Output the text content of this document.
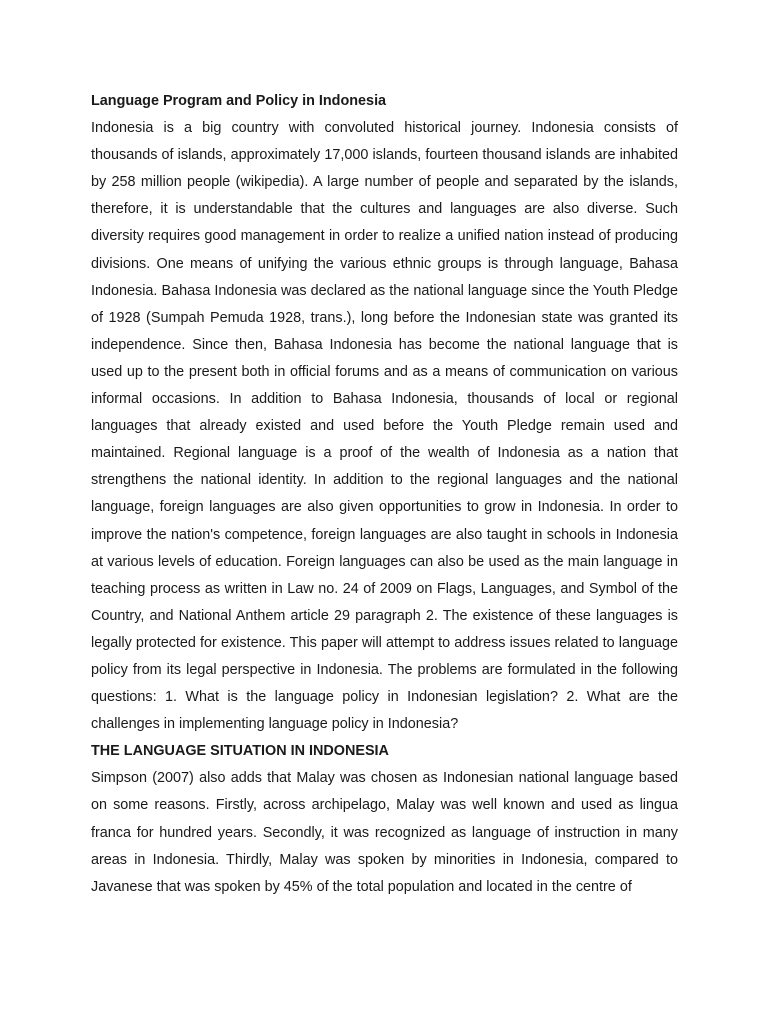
Language Program and Policy in Indonesia

Indonesia is a big country with convoluted historical journey. Indonesia consists of thousands of islands, approximately 17,000 islands, fourteen thousand islands are inhabited by 258 million people (wikipedia). A large number of people and separated by the islands, therefore, it is understandable that the cultures and languages are also diverse. Such diversity requires good management in order to realize a unified nation instead of producing divisions. One means of unifying the various ethnic groups is through language, Bahasa Indonesia. Bahasa Indonesia was declared as the national language since the Youth Pledge of 1928 (Sumpah Pemuda 1928, trans.), long before the Indonesian state was granted its independence. Since then, Bahasa Indonesia has become the national language that is used up to the present both in official forums and as a means of communication on various informal occasions. In addition to Bahasa Indonesia, thousands of local or regional languages that already existed and used before the Youth Pledge remain used and maintained. Regional language is a proof of the wealth of Indonesia as a nation that strengthens the national identity. In addition to the regional languages and the national language, foreign languages are also given opportunities to grow in Indonesia. In order to improve the nation's competence, foreign languages are also taught in schools in Indonesia at various levels of education. Foreign languages can also be used as the main language in teaching process as written in Law no. 24 of 2009 on Flags, Languages, and Symbol of the Country, and National Anthem article 29 paragraph 2. The existence of these languages is legally protected for existence. This paper will attempt to address issues related to language policy from its legal perspective in Indonesia. The problems are formulated in the following questions: 1. What is the language policy in Indonesian legislation? 2. What are the challenges in implementing language policy in Indonesia?

THE LANGUAGE SITUATION IN INDONESIA

Simpson (2007) also adds that Malay was chosen as Indonesian national language based on some reasons. Firstly, across archipelago, Malay was well known and used as lingua franca for hundred years. Secondly, it was recognized as language of instruction in many areas in Indonesia. Thirdly, Malay was spoken by minorities in Indonesia, compared to Javanese that was spoken by 45% of the total population and located in the centre of
